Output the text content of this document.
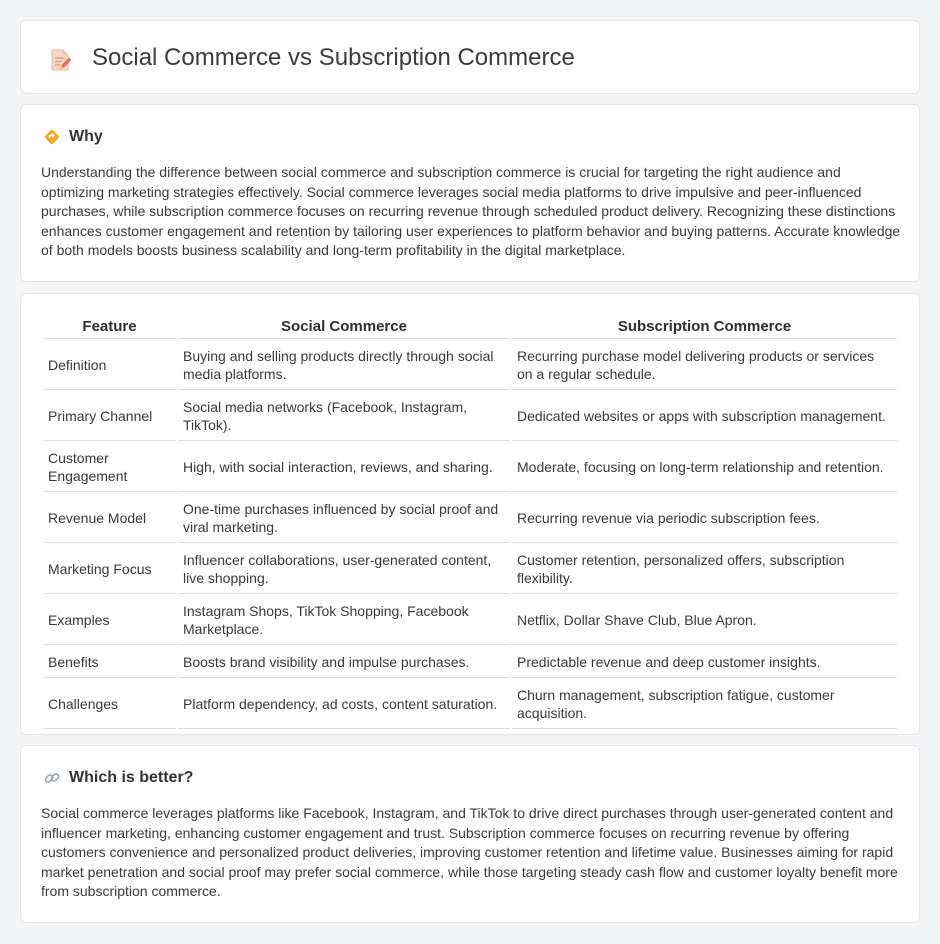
Social Commerce vs Subscription Commerce
Why

Understanding the difference between social commerce and subscription commerce is crucial for targeting the right audience and optimizing marketing strategies effectively. Social commerce leverages social media platforms to drive impulsive and peer-influenced purchases, while subscription commerce focuses on recurring revenue through scheduled product delivery. Recognizing these distinctions enhances customer engagement and retention by tailoring user experiences to platform behavior and buying patterns. Accurate knowledge of both models boosts business scalability and long-term profitability in the digital marketplace.

Feature	Social Commerce	Subscription Commerce
Definition	Buying and selling products directly through social media platforms.	Recurring purchase model delivering products or services on a regular schedule.
Primary Channel	Social media networks (Facebook, Instagram, TikTok).	Dedicated websites or apps with subscription management.
Customer Engagement	High, with social interaction, reviews, and sharing.	Moderate, focusing on long-term relationship and retention.
Revenue Model	One-time purchases influenced by social proof and viral marketing.	Recurring revenue via periodic subscription fees.
Marketing Focus	Influencer collaborations, user-generated content, live shopping.	Customer retention, personalized offers, subscription flexibility.
Examples	Instagram Shops, TikTok Shopping, Facebook Marketplace.	Netflix, Dollar Shave Club, Blue Apron.
Benefits	Boosts brand visibility and impulse purchases.	Predictable revenue and deep customer insights.
Challenges	Platform dependency, ad costs, content saturation.	Churn management, subscription fatigue, customer acquisition.
Which is better?

Social commerce leverages platforms like Facebook, Instagram, and TikTok to drive direct purchases through user-generated content and influencer marketing, enhancing customer engagement and trust. Subscription commerce focuses on recurring revenue by offering customers convenience and personalized product deliveries, improving customer retention and lifetime value. Businesses aiming for rapid market penetration and social proof may prefer social commerce, while those targeting steady cash flow and customer loyalty benefit more from subscription commerce.
